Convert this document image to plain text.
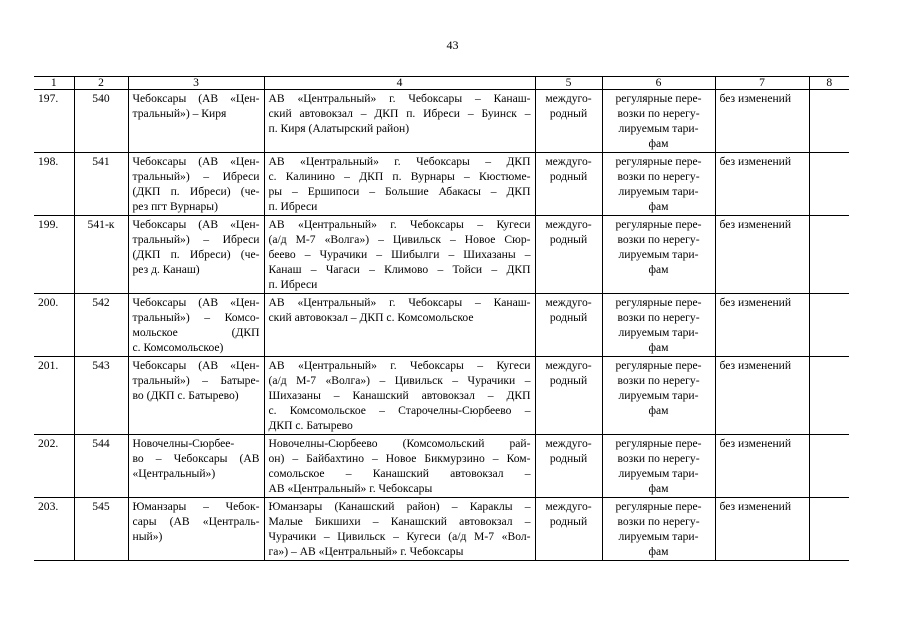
43
1	2	3	4	5	6	7	8
197.	540	Чебоксары (АВ «Цен-
тральный») – Киря	АВ «Центральный» г. Чебоксары – Канаш-
ский автовокзал – ДКП п. Ибреси – Буинск –
п. Киря (Алатырский район)	междуго-
родный	регулярные пере-
возки по нерегу-
лируемым тари-
фам	без изменений	
198.	541	Чебоксары (АВ «Цен-
тральный») – Ибреси
(ДКП п. Ибреси) (че-
рез пгт Вурнары)	АВ «Центральный» г. Чебоксары – ДКП
с. Калинино – ДКП п. Вурнары – Кюстюме-
ры – Ершипоси – Большие Абакасы – ДКП
п. Ибреси	междуго-
родный	регулярные пере-
возки по нерегу-
лируемым тари-
фам	без изменений	
199.	541-к	Чебоксары (АВ «Цен-
тральный») – Ибреси
(ДКП п. Ибреси) (че-
рез д. Канаш)	АВ «Центральный» г. Чебоксары – Кугеси
(а/д М-7 «Волга») – Цивильск – Новое Сюр-
беево – Чурачики – Шибылги – Шихазаны –
Канаш – Чагаси – Климово – Тойси – ДКП
п. Ибреси	междуго-
родный	регулярные пере-
возки по нерегу-
лируемым тари-
фам	без изменений	
200.	542	Чебоксары (АВ «Цен-
тральный») – Комсо-
мольское (ДКП
с. Комсомольское)	АВ «Центральный» г. Чебоксары – Канаш-
ский автовокзал – ДКП с. Комсомольское	междуго-
родный	регулярные пере-
возки по нерегу-
лируемым тари-
фам	без изменений	
201.	543	Чебоксары (АВ «Цен-
тральный») – Батыре-
во (ДКП с. Батырево)	АВ «Центральный» г. Чебоксары – Кугеси
(а/д М-7 «Волга») – Цивильск – Чурачики –
Шихазаны – Канашский автовокзал – ДКП
с. Комсомольское – Старочелны-Сюрбеево –
ДКП с. Батырево	междуго-
родный	регулярные пере-
возки по нерегу-
лируемым тари-
фам	без изменений	
202.	544	Новочелны-Сюрбее-
во – Чебоксары (АВ
«Центральный»)	Новочелны-Сюрбеево (Комсомольский рай-
он) – Байбахтино – Новое Бикмурзино – Ком-
сомольское – Канашский автовокзал –
АВ «Центральный» г. Чебоксары	междуго-
родный	регулярные пере-
возки по нерегу-
лируемым тари-
фам	без изменений	
203.	545	Юманзары – Чебок-
сары (АВ «Централь-
ный»)	Юманзары (Канашский район) – Караклы –
Малые Бикшихи – Канашский автовокзал –
Чурачики – Цивильск – Кугеси (а/д М-7 «Вол-
га») – АВ «Центральный» г. Чебоксары	междуго-
родный	регулярные пере-
возки по нерегу-
лируемым тари-
фам	без изменений	
